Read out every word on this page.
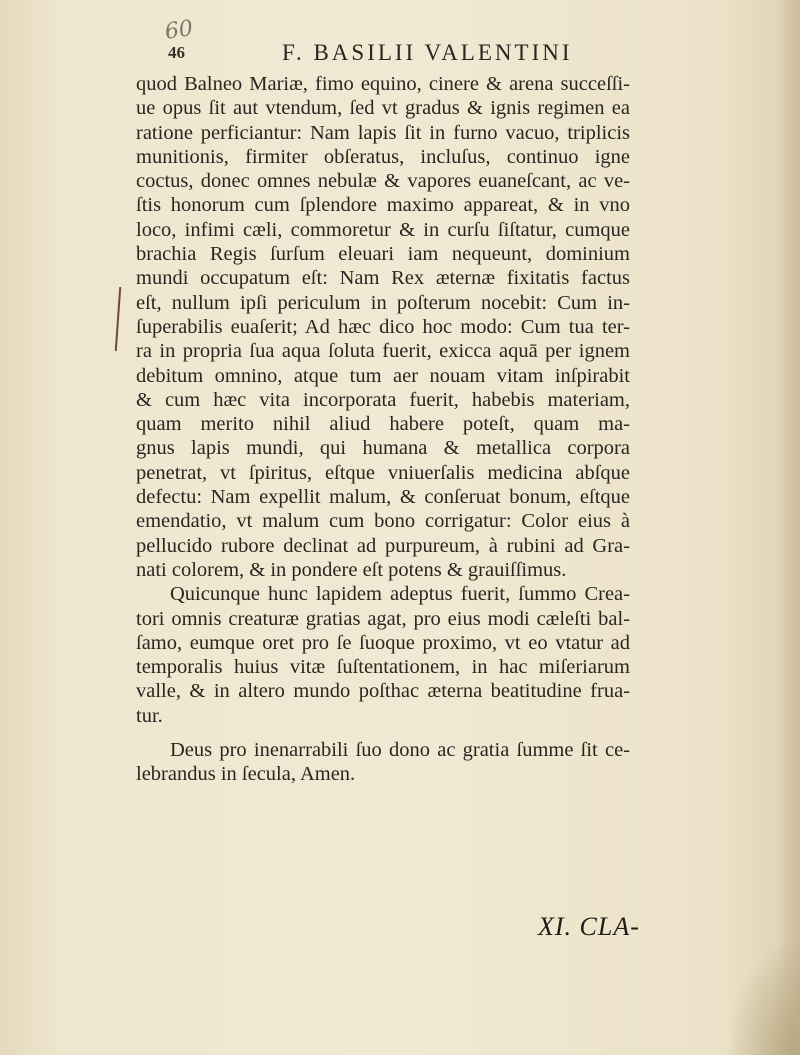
60
46	F. BASILII VALENTINI
quod Balneo Mariæ, fimo equino, cinere & arena succeſſi-
ue opus ſit aut vtendum, ſed vt gradus & ignis regimen ea
ratione perficiantur: Nam lapis ſit in furno vacuo, triplicis
munitionis, firmiter obſeratus, incluſus, continuo igne
coctus, donec omnes nebulæ & vapores euaneſcant, ac ve-
ſtis honorum cum ſplendore maximo appareat, & in vno
loco, infimi cæli, commoretur & in curſu ſiſtatur, cumque
brachia Regis ſurſum eleuari iam nequeunt, dominium
mundi occupatum eſt: Nam Rex æternæ fixitatis factus
eſt, nullum ipſi periculum in poſterum nocebit: Cum in-
ſuperabilis euaſerit; Ad hæc dico hoc modo: Cum tua ter-
ra in propria ſua aqua ſoluta fuerit, exicca aquā per ignem
debitum omnino, atque tum aer nouam vitam inſpirabit
& cum hæc vita incorporata fuerit, habebis materiam,
quam merito nihil aliud habere poteſt, quam ma-
gnus lapis mundi, qui humana & metallica corpora
penetrat, vt ſpiritus, eſtque vniuerſalis medicina abſque
defectu: Nam expellit malum, & conſeruat bonum, eſtque
emendatio, vt malum cum bono corrigatur: Color eius à
pellucido rubore declinat ad purpureum, à rubini ad Gra-
nati colorem, & in pondere eſt potens & grauiſſimus.
Quicunque hunc lapidem adeptus fuerit, ſummo Crea-
tori omnis creaturæ gratias agat, pro eius modi cæleſti bal-
ſamo, eumque oret pro ſe ſuoque proximo, vt eo vtatur ad
temporalis huius vitæ ſuſtentationem, in hac miſeriarum
valle, & in altero mundo poſthac æterna beatitudine frua-
tur.
Deus pro inenarrabili ſuo dono ac gratia ſumme ſit ce-
lebrandus in ſecula, Amen.
XI. CLA-
